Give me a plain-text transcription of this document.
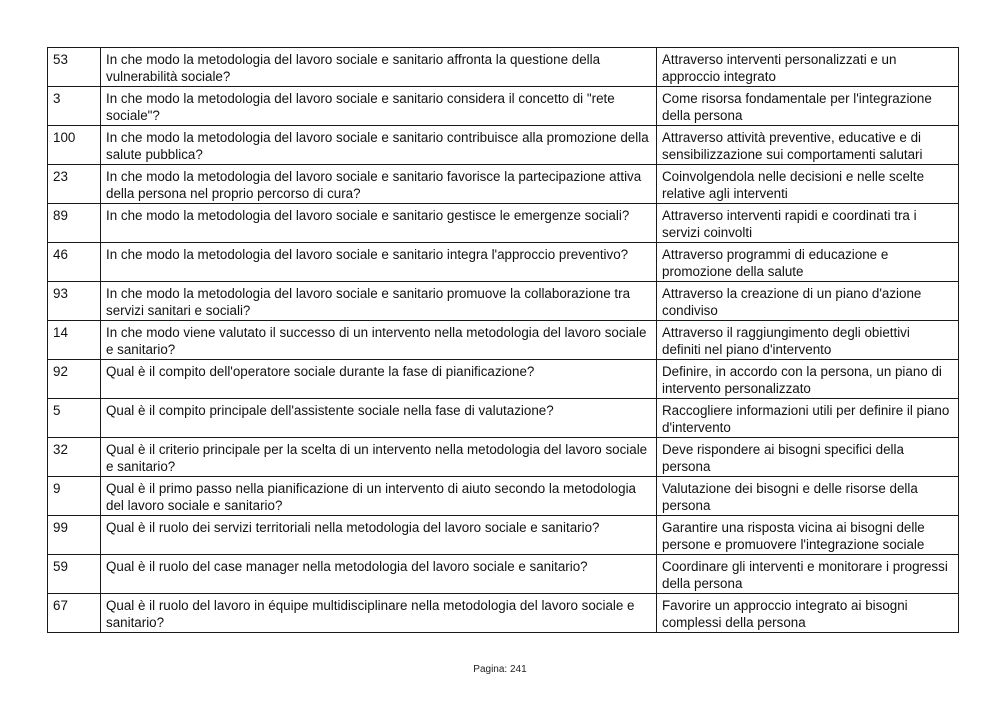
53	In che modo la metodologia del lavoro sociale e sanitario affronta la questione della vulnerabilità sociale?	Attraverso interventi personalizzati e un approccio integrato
3	In che modo la metodologia del lavoro sociale e sanitario considera il concetto di "rete sociale"?	Come risorsa fondamentale per l'integrazione della persona
100	In che modo la metodologia del lavoro sociale e sanitario contribuisce alla promozione della salute pubblica?	Attraverso attività preventive, educative e di sensibilizzazione sui comportamenti salutari
23	In che modo la metodologia del lavoro sociale e sanitario favorisce la partecipazione attiva della persona nel proprio percorso di cura?	Coinvolgendola nelle decisioni e nelle scelte relative agli interventi
89	In che modo la metodologia del lavoro sociale e sanitario gestisce le emergenze sociali?	Attraverso interventi rapidi e coordinati tra i servizi coinvolti
46	In che modo la metodologia del lavoro sociale e sanitario integra l'approccio preventivo?	Attraverso programmi di educazione e promozione della salute
93	In che modo la metodologia del lavoro sociale e sanitario promuove la collaborazione tra servizi sanitari e sociali?	Attraverso la creazione di un piano d'azione condiviso
14	In che modo viene valutato il successo di un intervento nella metodologia del lavoro sociale e sanitario?	Attraverso il raggiungimento degli obiettivi definiti nel piano d'intervento
92	Qual è il compito dell'operatore sociale durante la fase di pianificazione?	Definire, in accordo con la persona, un piano di intervento personalizzato
5	Qual è il compito principale dell'assistente sociale nella fase di valutazione?	Raccogliere informazioni utili per definire il piano d'intervento
32	Qual è il criterio principale per la scelta di un intervento nella metodologia del lavoro sociale e sanitario?	Deve rispondere ai bisogni specifici della persona
9	Qual è il primo passo nella pianificazione di un intervento di aiuto secondo la metodologia del lavoro sociale e sanitario?	Valutazione dei bisogni e delle risorse della persona
99	Qual è il ruolo dei servizi territoriali nella metodologia del lavoro sociale e sanitario?	Garantire una risposta vicina ai bisogni delle persone e promuovere l'integrazione sociale
59	Qual è il ruolo del case manager nella metodologia del lavoro sociale e sanitario?	Coordinare gli interventi e monitorare i progressi della persona
67	Qual è il ruolo del lavoro in équipe multidisciplinare nella metodologia del lavoro sociale e sanitario?	Favorire un approccio integrato ai bisogni complessi della persona
Pagina: 241
